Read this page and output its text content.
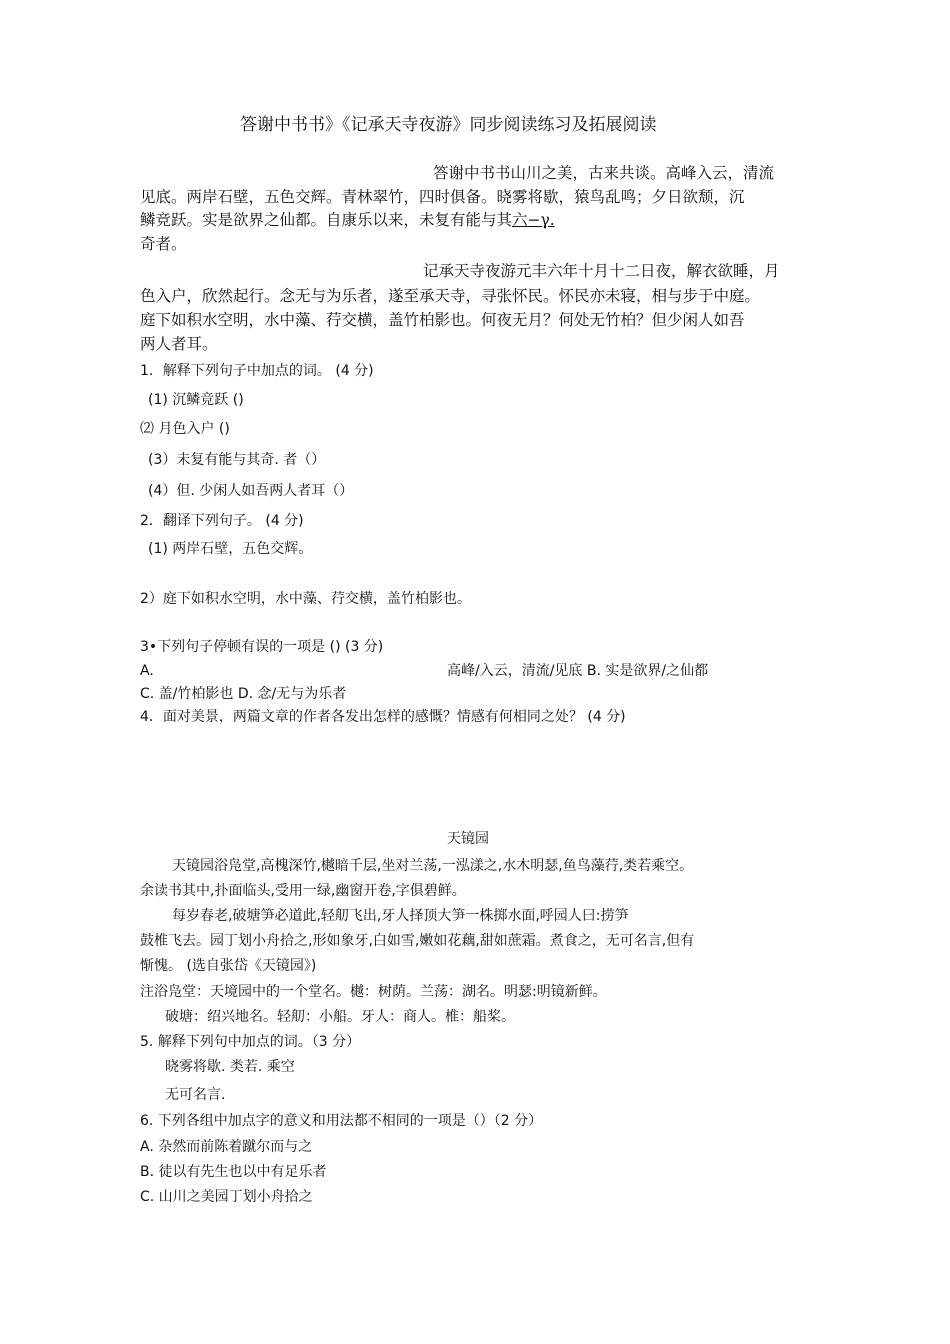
答谢中书书》《记承天寺夜游》同步阅读练习及拓展阅读
答谢中书书山川之美，古来共谈。高峰入云，清流
见底。两岸石壁，五色交辉。青林翠竹，四时俱备。晓雾将歇，猿鸟乱鸣；夕日欲颓，沉
鳞竞跃。实是欲界之仙都。自康乐以来，未复有能与其六−γ.
奇者。
记承天寺夜游元丰六年十月十二日夜，解衣欲睡，月
色入户，欣然起行。念无与为乐者，遂至承天寺，寻张怀民。怀民亦未寝，相与步于中庭。
庭下如积水空明，水中藻、荇交横，盖竹柏影也。何夜无月？何处无竹柏？但少闲人如吾
两人者耳。
1．解释下列句子中加点的词。 (4 分)
(1) 沉鳞竞跃 ()
⑵ 月色入户 ()
(3）未复有能与其奇. 者（）
(4）但. 少闲人如吾两人者耳（）
2．翻译下列句子。 (4 分)
(1) 两岸石壁，五色交辉。
2）庭下如积水空明，水中藻、荇交横，盖竹柏影也。
3•下列句子停顿有误的一项是 () (3 分)
A.	高峰/入云，清流/见底 B. 实是欲界/之仙都
C. 盖/竹柏影也 D. 念/无与为乐者
4．面对美景，两篇文章的作者各发出怎样的感慨？情感有何相同之处？ (4 分)
天镜园
天镜园浴凫堂,高槐深竹,樾暗千层,坐对兰荡,一泓漾之,水木明瑟,鱼鸟藻荇,类若乘空。
余读书其中,扑面临头,受用一绿,幽窗开卷,字俱碧鲜。
每岁春老,破塘笋必道此,轻舠飞出,牙人择顶大笋一株掷水面,呼园人曰:捞笋
鼓椎飞去。园丁划小舟拾之,形如象牙,白如雪,嫩如花藕,甜如蔗霜。煮食之，无可名言,但有
惭愧。 (选自张岱《天镜园》)
注浴凫堂：天境园中的一个堂名。樾：树荫。兰荡：湖名。明瑟:明镜新鲜。
破塘：绍兴地名。轻舠：小船。牙人：商人。椎：船桨。
5. 解释下列句中加点的词。（3 分）
晓雾将歇. 类若. 乘空
无可名言.
6. 下列各组中加点字的意义和用法都不相同的一项是（）（2 分）
A. 杂然而前陈着蹴尔而与之
B. 徒以有先生也以中有足乐者
C. 山川之美园丁划小舟拾之
